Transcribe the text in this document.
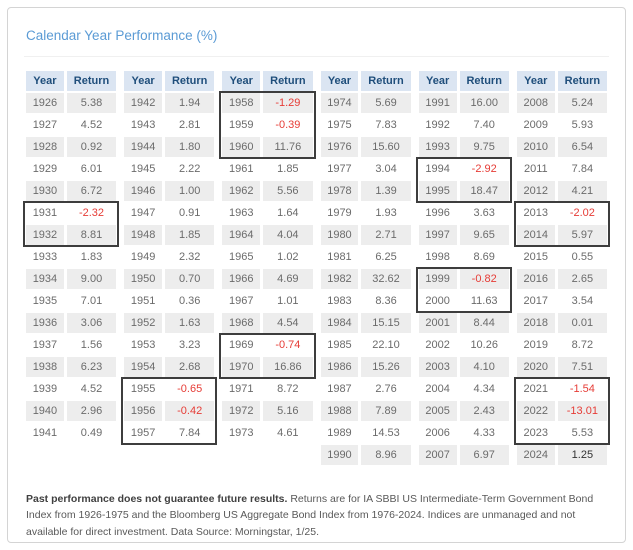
Calendar Year Performance (%)
Year	Return
1926	5.38
1927	4.52
1928	0.92
1929	6.01
1930	6.72
1931	-2.32
1932	8.81
1933	1.83
1934	9.00
1935	7.01
1936	3.06
1937	1.56
1938	6.23
1939	4.52
1940	2.96
1941	0.49
Year	Return
1942	1.94
1943	2.81
1944	1.80
1945	2.22
1946	1.00
1947	0.91
1948	1.85
1949	2.32
1950	0.70
1951	0.36
1952	1.63
1953	3.23
1954	2.68
1955	-0.65
1956	-0.42
1957	7.84
Year	Return
1958	-1.29
1959	-0.39
1960	11.76
1961	1.85
1962	5.56
1963	1.64
1964	4.04
1965	1.02
1966	4.69
1967	1.01
1968	4.54
1969	-0.74
1970	16.86
1971	8.72
1972	5.16
1973	4.61
Year	Return
1974	5.69
1975	7.83
1976	15.60
1977	3.04
1978	1.39
1979	1.93
1980	2.71
1981	6.25
1982	32.62
1983	8.36
1984	15.15
1985	22.10
1986	15.26
1987	2.76
1988	7.89
1989	14.53
1990	8.96
Year	Return
1991	16.00
1992	7.40
1993	9.75
1994	-2.92
1995	18.47
1996	3.63
1997	9.65
1998	8.69
1999	-0.82
2000	11.63
2001	8.44
2002	10.26
2003	4.10
2004	4.34
2005	2.43
2006	4.33
2007	6.97
Year	Return
2008	5.24
2009	5.93
2010	6.54
2011	7.84
2012	4.21
2013	-2.02
2014	5.97
2015	0.55
2016	2.65
2017	3.54
2018	0.01
2019	8.72
2020	7.51
2021	-1.54
2022	-13.01
2023	5.53
2024	1.25
Past performance does not guarantee future results. Returns are for IA SBBI US Intermediate-Term Government Bond Index from 1926-1975 and the Bloomberg US Aggregate Bond Index from 1976-2024. Indices are unmanaged and not available for direct investment. Data Source: Morningstar, 1/25.
